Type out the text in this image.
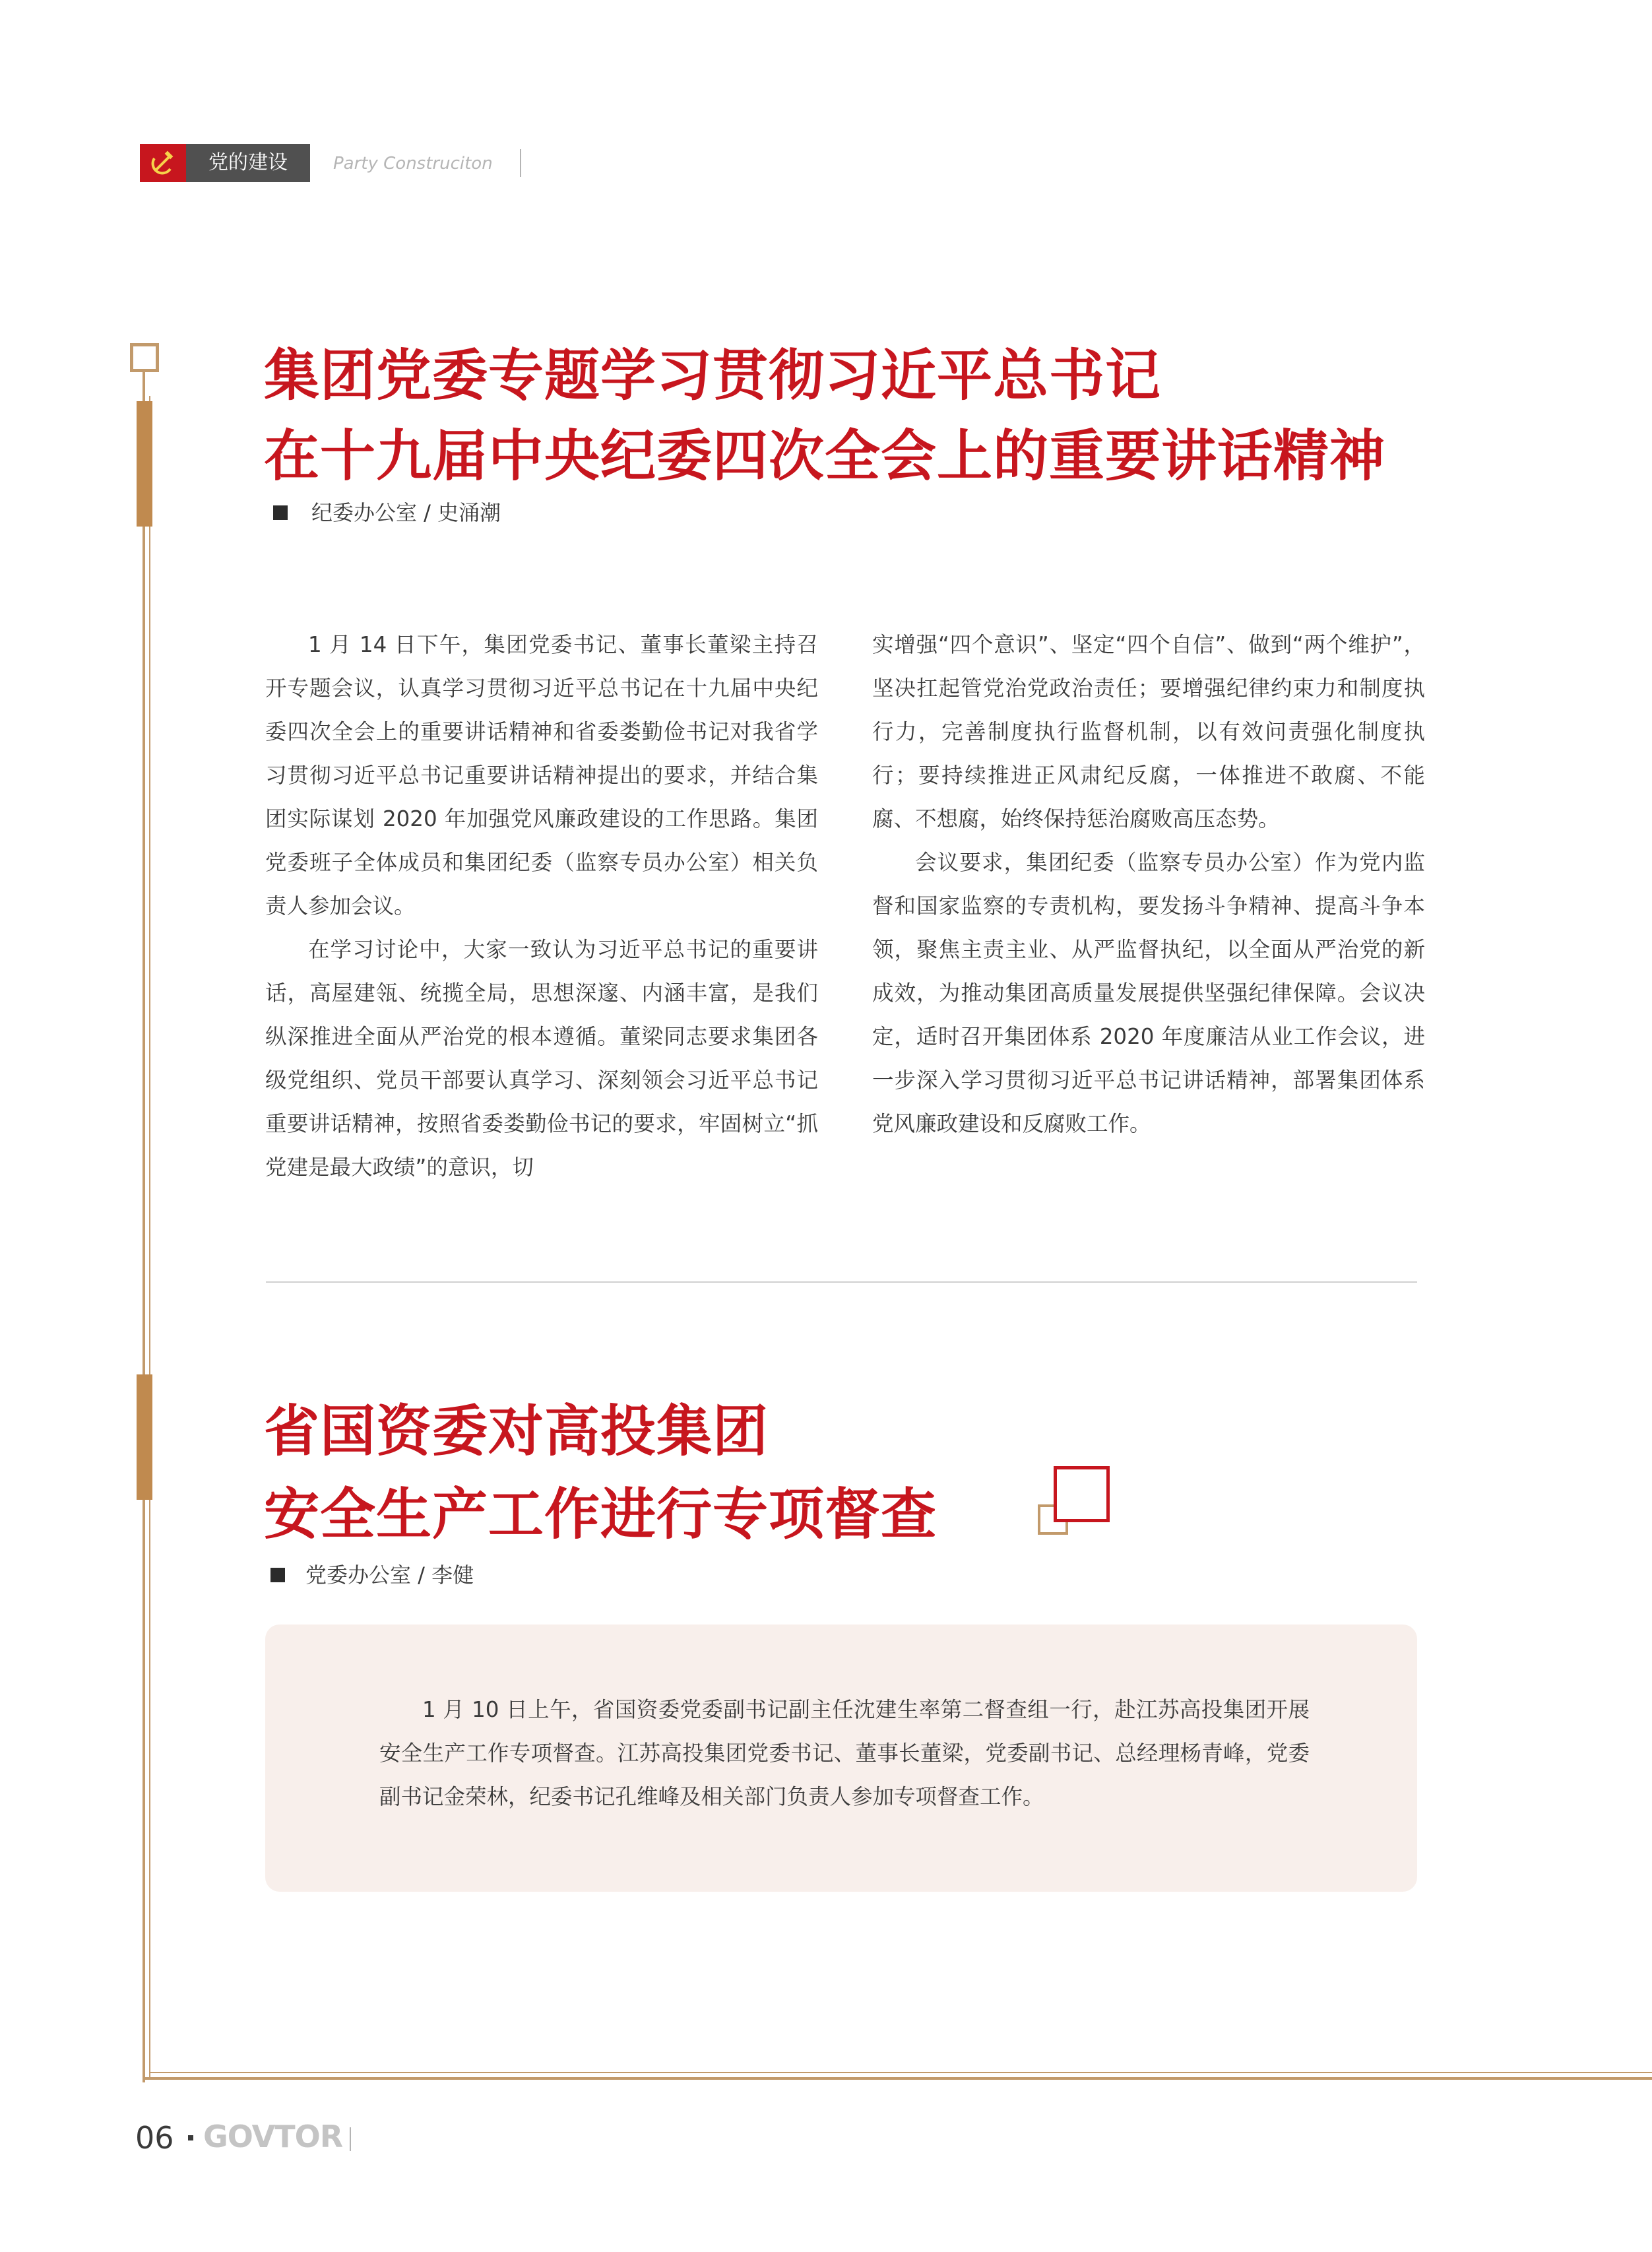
党的建设	Party Construciton
集团党委专题学习贯彻习近平总书记
在十九届中央纪委四次全会上的重要讲话精神
纪委办公室 / 史涌潮

1 月 14 日下午，集团党委书记、董事长董梁主持召开专题会议，认真学习贯彻习近平总书记在十九届中央纪委四次全会上的重要讲话精神和省委娄勤俭书记对我省学习贯彻习近平总书记重要讲话精神提出的要求，并结合集团实际谋划 2020 年加强党风廉政建设的工作思路。集团党委班子全体成员和集团纪委（监察专员办公室）相关负责人参加会议。

在学习讨论中，大家一致认为习近平总书记的重要讲话，高屋建瓴、统揽全局，思想深邃、内涵丰富，是我们纵深推进全面从严治党的根本遵循。董梁同志要求集团各级党组织、党员干部要认真学习、深刻领会习近平总书记重要讲话精神，按照省委娄勤俭书记的要求，牢固树立“抓党建是最大政绩”的意识，切

实增强“四个意识”、坚定“四个自信”、做到“两个维护”，坚决扛起管党治党政治责任；要增强纪律约束力和制度执行力，完善制度执行监督机制，以有效问责强化制度执行；要持续推进正风肃纪反腐，一体推进不敢腐、不能腐、不想腐，始终保持惩治腐败高压态势。

会议要求，集团纪委（监察专员办公室）作为党内监督和国家监察的专责机构，要发扬斗争精神、提高斗争本领，聚焦主责主业、从严监督执纪，以全面从严治党的新成效，为推动集团高质量发展提供坚强纪律保障。会议决定，适时召开集团体系 2020 年度廉洁从业工作会议，进一步深入学习贯彻习近平总书记讲话精神，部署集团体系党风廉政建设和反腐败工作。

省国资委对高投集团
安全生产工作进行专项督查
党委办公室 / 李健

1 月 10 日上午，省国资委党委副书记副主任沈建生率第二督查组一行，赴江苏高投集团开展安全生产工作专项督查。江苏高投集团党委书记、董事长董梁，党委副书记、总经理杨青峰，党委副书记金荣林，纪委书记孔维峰及相关部门负责人参加专项督查工作。

06 GOVTOR
